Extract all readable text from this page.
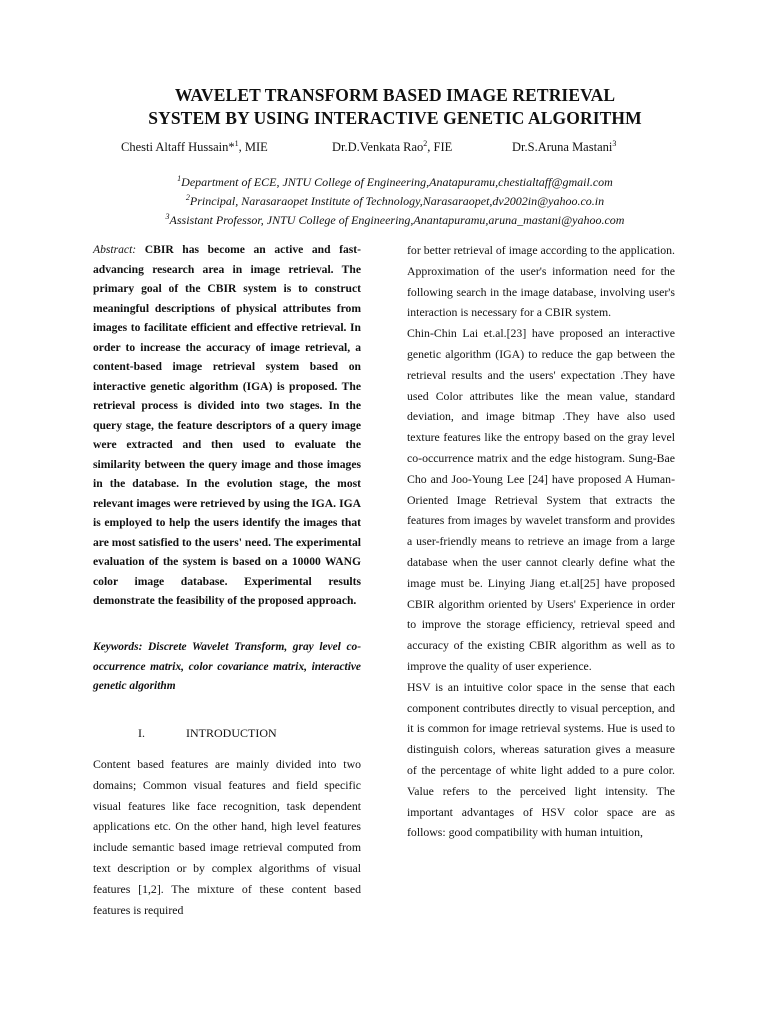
WAVELET TRANSFORM BASED IMAGE RETRIEVAL
SYSTEM BY USING INTERACTIVE GENETIC ALGORITHM
Chesti Altaff Hussain*$^1$, MIE	Dr.D.Venkata Rao$^2$, FIE	Dr.S.Aruna Mastani$^3$
$^1$Department of ECE, JNTU College of Engineering,Anatapuramu,chestialtaff@gmail.com
$^2$Principal, Narasaraopet Institute of Technology,Narasaraopet,dv2002in@yahoo.co.in
$^3$Assistant Professor, JNTU College of Engineering,Anantapuramu,aruna_mastani@yahoo.com

Abstract: CBIR has become an active and fast-advancing research area in image retrieval. The primary goal of the CBIR system is to construct meaningful descriptions of physical attributes from images to facilitate efficient and effective retrieval. In order to increase the accuracy of image retrieval, a content-based image retrieval system based on interactive genetic algorithm (IGA) is proposed. The retrieval process is divided into two stages. In the query stage, the feature descriptors of a query image were extracted and then used to evaluate the similarity between the query image and those images in the database. In the evolution stage, the most relevant images were retrieved by using the IGA. IGA is employed to help the users identify the images that are most satisfied to the users' need. The experimental evaluation of the system is based on a 10000 WANG color image database. Experimental results demonstrate the feasibility of the proposed approach.

Keywords: Discrete Wavelet Transform, gray level co-occurrence matrix, color covariance matrix, interactive genetic algorithm

I.	INTRODUCTION

Content based features are mainly divided into two domains; Common visual features and field specific visual features like face recognition, task dependent applications etc. On the other hand, high level features include semantic based image retrieval computed from text description or by complex algorithms of visual features [1,2]. The mixture of these content based features is required

for better retrieval of image according to the application. Approximation of the user's information need for the following search in the image database, involving user's interaction is necessary for a CBIR system.

Chin-Chin Lai et.al.[23] have proposed an interactive genetic algorithm (IGA) to reduce the gap between the retrieval results and the users' expectation .They have used Color attributes like the mean value, standard deviation, and image bitmap .They have also used texture features like the entropy based on the gray level co-occurrence matrix and the edge histogram. Sung-Bae Cho and Joo-Young Lee [24] have proposed A Human-Oriented Image Retrieval System that extracts the features from images by wavelet transform and provides a user-friendly means to retrieve an image from a large database when the user cannot clearly define what the image must be. Linying Jiang et.al[25] have proposed CBIR algorithm oriented by Users' Experience in order to improve the storage efficiency, retrieval speed and accuracy of the existing CBIR algorithm as well as to improve the quality of user experience.

HSV is an intuitive color space in the sense that each component contributes directly to visual perception, and it is common for image retrieval systems. Hue is used to distinguish colors, whereas saturation gives a measure of the percentage of white light added to a pure color. Value refers to the perceived light intensity. The important advantages of HSV color space are as follows: good compatibility with human intuition,
